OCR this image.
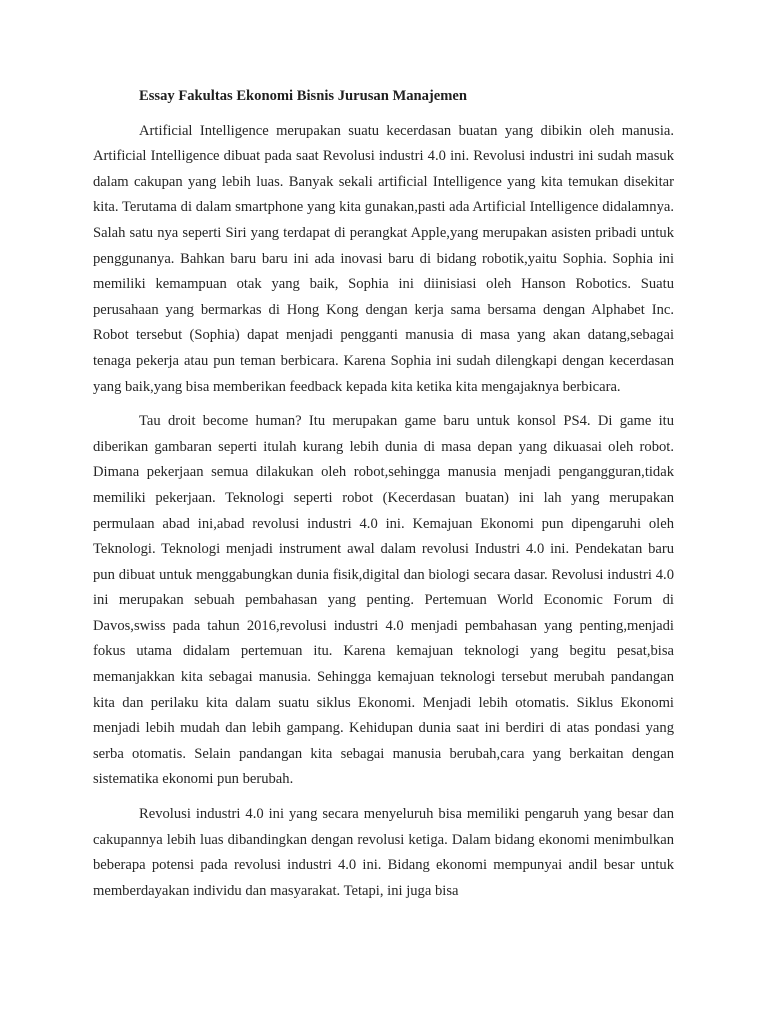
Essay Fakultas Ekonomi Bisnis Jurusan Manajemen

Artificial Intelligence merupakan suatu kecerdasan buatan yang dibikin oleh manusia. Artificial Intelligence dibuat pada saat Revolusi industri 4.0 ini. Revolusi industri ini sudah masuk dalam cakupan yang lebih luas. Banyak sekali artificial Intelligence yang kita temukan disekitar kita. Terutama di dalam smartphone yang kita gunakan,pasti ada Artificial Intelligence didalamnya. Salah satu nya seperti Siri yang terdapat di perangkat Apple,yang merupakan asisten pribadi untuk penggunanya. Bahkan baru baru ini ada inovasi baru di bidang robotik,yaitu Sophia. Sophia ini memiliki kemampuan otak yang baik, Sophia ini diinisiasi oleh Hanson Robotics. Suatu perusahaan yang bermarkas di Hong Kong dengan kerja sama bersama dengan Alphabet Inc. Robot tersebut (Sophia) dapat menjadi pengganti manusia di masa yang akan datang,sebagai tenaga pekerja atau pun teman berbicara. Karena Sophia ini sudah dilengkapi dengan kecerdasan yang baik,yang bisa memberikan feedback kepada kita ketika kita mengajaknya berbicara.

Tau droit become human? Itu merupakan game baru untuk konsol PS4. Di game itu diberikan gambaran seperti itulah kurang lebih dunia di masa depan yang dikuasai oleh robot. Dimana pekerjaan semua dilakukan oleh robot,sehingga manusia menjadi pengangguran,tidak memiliki pekerjaan. Teknologi seperti robot (Kecerdasan buatan) ini lah yang merupakan permulaan abad ini,abad revolusi industri 4.0 ini. Kemajuan Ekonomi pun dipengaruhi oleh Teknologi. Teknologi menjadi instrument awal dalam revolusi Industri 4.0 ini. Pendekatan baru pun dibuat untuk menggabungkan dunia fisik,digital dan biologi secara dasar. Revolusi industri 4.0 ini merupakan sebuah pembahasan yang penting. Pertemuan World Economic Forum di Davos,swiss pada tahun 2016,revolusi industri 4.0 menjadi pembahasan yang penting,menjadi fokus utama didalam pertemuan itu. Karena kemajuan teknologi yang begitu pesat,bisa memanjakkan kita sebagai manusia. Sehingga kemajuan teknologi tersebut merubah pandangan kita dan perilaku kita dalam suatu siklus Ekonomi. Menjadi lebih otomatis. Siklus Ekonomi menjadi lebih mudah dan lebih gampang. Kehidupan dunia saat ini berdiri di atas pondasi yang serba otomatis. Selain pandangan kita sebagai manusia berubah,cara yang berkaitan dengan sistematika ekonomi pun berubah.

Revolusi industri 4.0 ini yang secara menyeluruh bisa memiliki pengaruh yang besar dan cakupannya lebih luas dibandingkan dengan revolusi ketiga. Dalam bidang ekonomi menimbulkan beberapa potensi pada revolusi industri 4.0 ini. Bidang ekonomi mempunyai andil besar untuk memberdayakan individu dan masyarakat. Tetapi, ini juga bisa
